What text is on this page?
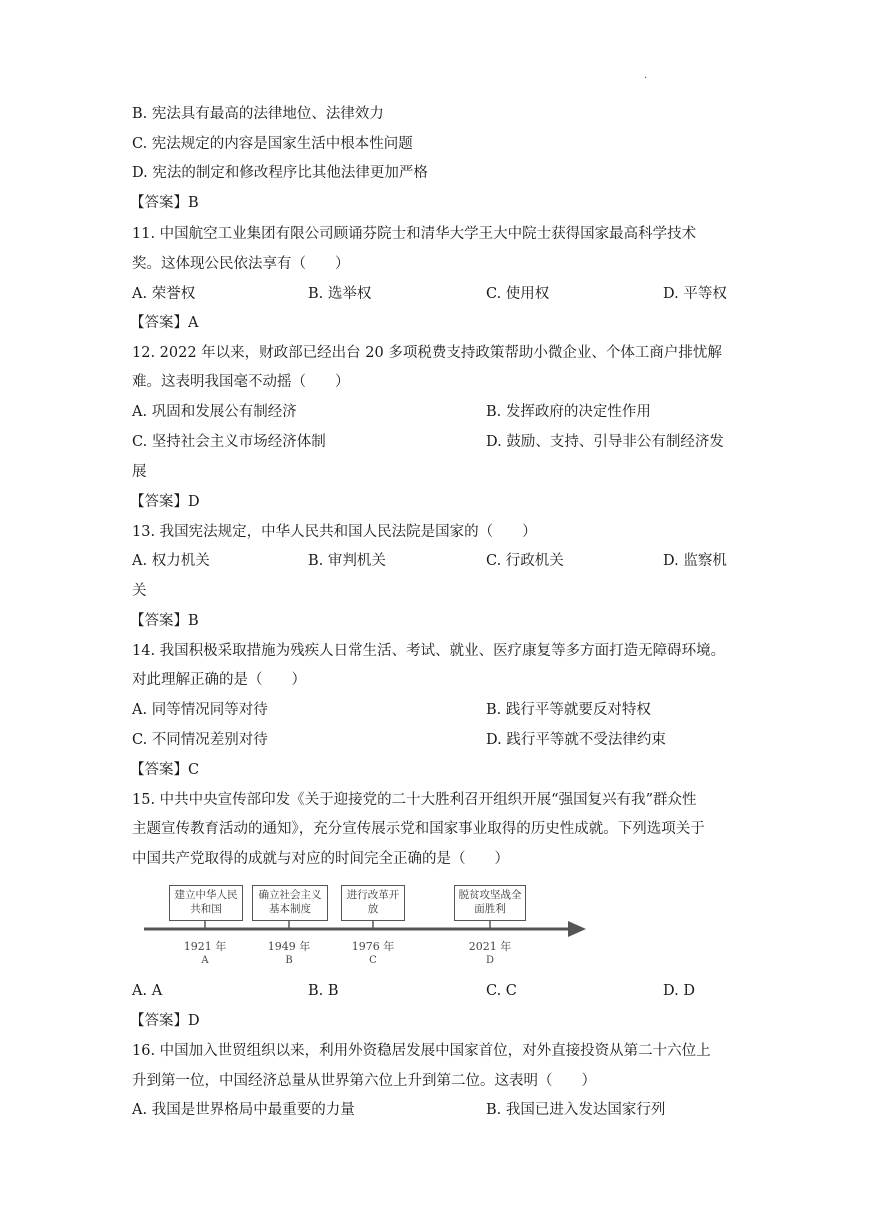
.
B. 宪法具有最高的法律地位、法律效力
C. 宪法规定的内容是国家生活中根本性问题
D. 宪法的制定和修改程序比其他法律更加严格
【答案】B
11. 中国航空工业集团有限公司顾诵芬院士和清华大学王大中院士获得国家最高科学技术
奖。这体现公民依法享有（　　）
A. 荣誉权	B. 选举权	C. 使用权	D. 平等权
【答案】A
12. 2022 年以来，财政部已经出台 20 多项税费支持政策帮助小微企业、个体工商户排忧解
难。这表明我国毫不动摇（　　）
A. 巩固和发展公有制经济	B. 发挥政府的决定性作用
C. 坚持社会主义市场经济体制	D. 鼓励、支持、引导非公有制经济发
展
【答案】D
13. 我国宪法规定，中华人民共和国人民法院是国家的（　　）
A. 权力机关	B. 审判机关	C. 行政机关	D. 监察机
关
【答案】B
14. 我国积极采取措施为残疾人日常生活、考试、就业、医疗康复等多方面打造无障碍环境。
对此理解正确的是（　　）
A. 同等情况同等对待	B. 践行平等就要反对特权
C. 不同情况差别对待	D. 践行平等就不受法律约束
【答案】C
15. 中共中央宣传部印发《关于迎接党的二十大胜利召开组织开展“强国复兴有我”群众性
主题宣传教育活动的通知》，充分宣传展示党和国家事业取得的历史性成就。下列选项关于
中国共产党取得的成就与对应的时间完全正确的是（　　）
建立中华人民共和国
确立社会主义基本制度
进行改革开放
脱贫攻坚战全面胜利
1921 年	1949 年	1976 年	2021 年
A	B	C	D
A. A	B. B	C. C	D. D
【答案】D
16. 中国加入世贸组织以来，利用外资稳居发展中国家首位，对外直接投资从第二十六位上
升到第一位，中国经济总量从世界第六位上升到第二位。这表明（　　）
A. 我国是世界格局中最重要的力量	B. 我国已进入发达国家行列
